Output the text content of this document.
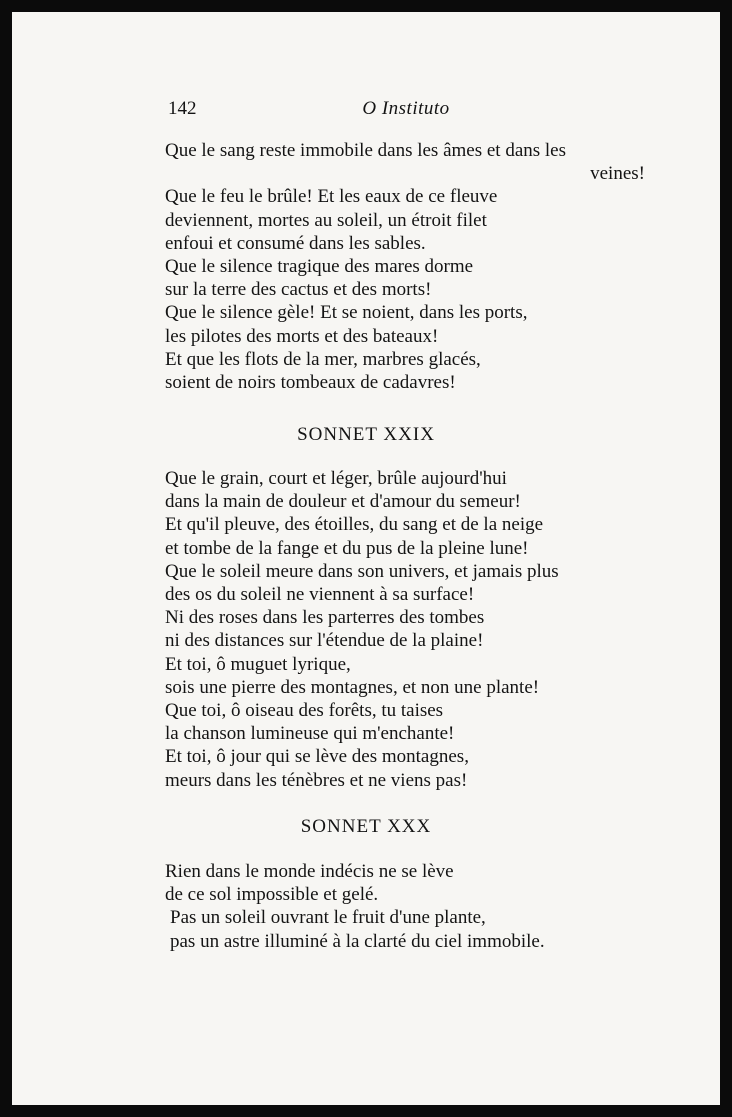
142	O Instituto
Que le sang reste immobile dans les âmes et dans les
veines!
Que le feu le brûle! Et les eaux de ce fleuve
deviennent, mortes au soleil, un étroit filet
enfoui et consumé dans les sables.
Que le silence tragique des mares dorme
sur la terre des cactus et des morts!
Que le silence gèle! Et se noient, dans les ports,
les pilotes des morts et des bateaux!
Et que les flots de la mer, marbres glacés,
soient de noirs tombeaux de cadavres!
SONNET XXIX
Que le grain, court et léger, brûle aujourd'hui
dans la main de douleur et d'amour du semeur!
Et qu'il pleuve, des étoilles, du sang et de la neige
et tombe de la fange et du pus de la pleine lune!
Que le soleil meure dans son univers, et jamais plus
des os du soleil ne viennent à sa surface!
Ni des roses dans les parterres des tombes
ni des distances sur l'étendue de la plaine!
Et toi, ô muguet lyrique,
sois une pierre des montagnes, et non une plante!
Que toi, ô oiseau des forêts, tu taises
la chanson lumineuse qui m'enchante!
Et toi, ô jour qui se lève des montagnes,
meurs dans les ténèbres et ne viens pas!
SONNET XXX
Rien dans le monde indécis ne se lève
de ce sol impossible et gelé.
Pas un soleil ouvrant le fruit d'une plante,
pas un astre illuminé à la clarté du ciel immobile.
